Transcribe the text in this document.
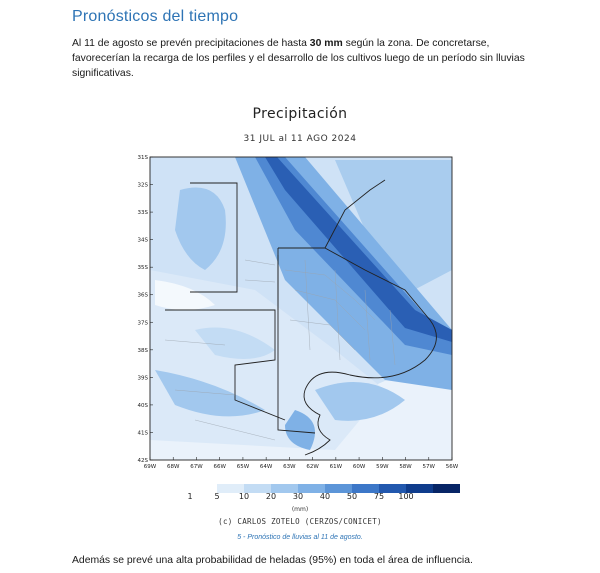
Pronósticos del tiempo
Al 11 de agosto se prevén precipitaciones de hasta 30 mm según la zona. De concretarse, favorecerían la recarga de los perfiles y el desarrollo de los cultivos luego de un período sin lluvias significativas.
Precipitación
31 JUL al 11 AGO 2024
31S
32S
33S
34S
35S
36S
37S
38S
39S
40S
41S
42S
69W 68W 67W 66W 65W 64W 63W 62W 61W 60W 59W 58W 57W 56W
1	5 10 20 30 40 50 75 100
(mm)
(c) CARLOS ZOTELO (CERZOS/CONICET)
5 - Pronóstico de lluvias al 11 de agosto.
Además se prevé una alta probabilidad de heladas (95%) en toda el área de influencia.
